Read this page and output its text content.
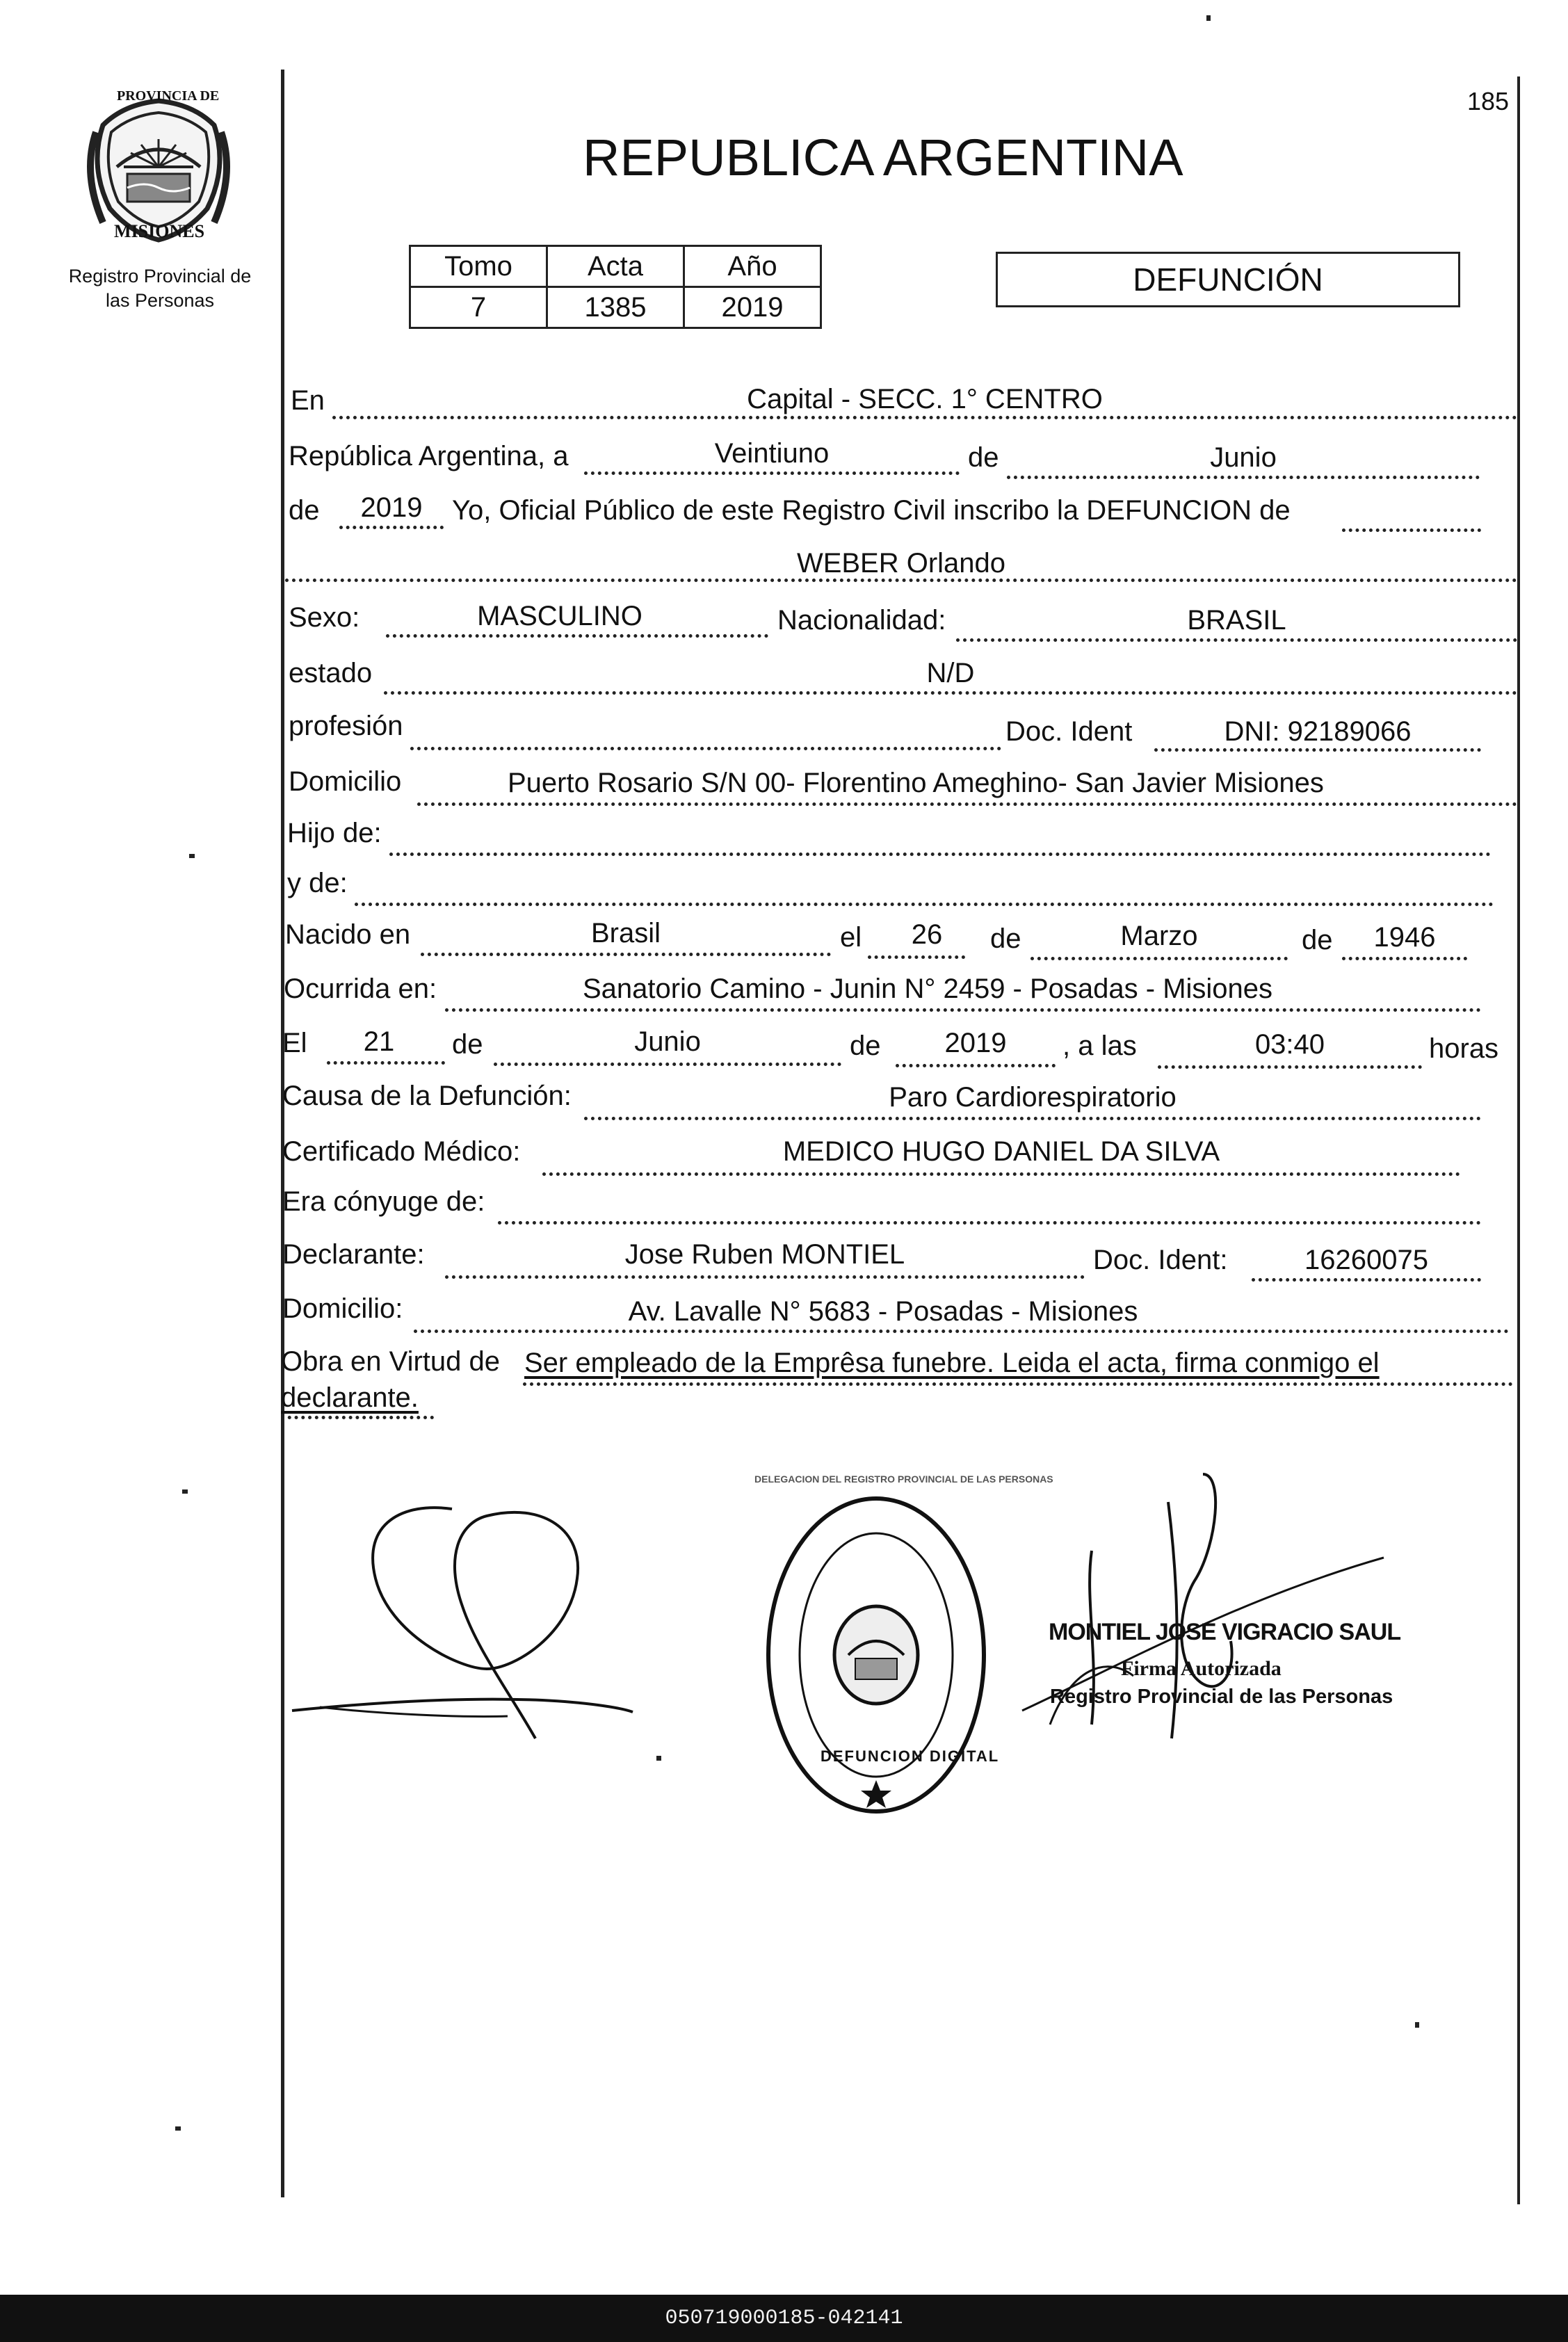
185
PROVINCIA DE
MISIONES
Registro Provincial de
las Personas
REPUBLICA ARGENTINA
Tomo	Acta	Año
7	1385	2019
DEFUNCIÓN
En	Capital - SECC. 1° CENTRO
República Argentina, a	Veintiuno	de	Junio
de	2019	Yo, Oficial Público de este Registro Civil inscribo la DEFUNCION de
WEBER Orlando
Sexo:	MASCULINO	Nacionalidad:	BRASIL
estado	N/D
profesión	Doc. Ident	DNI: 92189066
Domicilio	Puerto Rosario S/N 00- Florentino Ameghino- San Javier Misiones
Hijo de:
y de:
Nacido en	Brasil	el	26	de	Marzo	de	1946
Ocurrida en:	Sanatorio Camino - Junin N° 2459 - Posadas - Misiones
El	21	de	Junio	de	2019	, a las	03:40	horas
Causa de la Defunción:	Paro Cardiorespiratorio
Certificado Médico:	MEDICO HUGO DANIEL DA SILVA
Era cónyuge de:
Declarante:	Jose Ruben MONTIEL	Doc. Ident:	16260075
Domicilio:	Av. Lavalle N° 5683 - Posadas - Misiones
Obra en Virtud de Ser empleado de la Emprêsa funebre. Leida el acta, firma conmigo el
declarante.
DELEGACION DEL REGISTRO PROVINCIAL DE LAS PERSONAS
DEFUNCION DIGITAL
MONTIEL JOSE VIGRACIO SAUL
Firma Autorizada
Registro Provincial de las Personas
050719000185-042141
